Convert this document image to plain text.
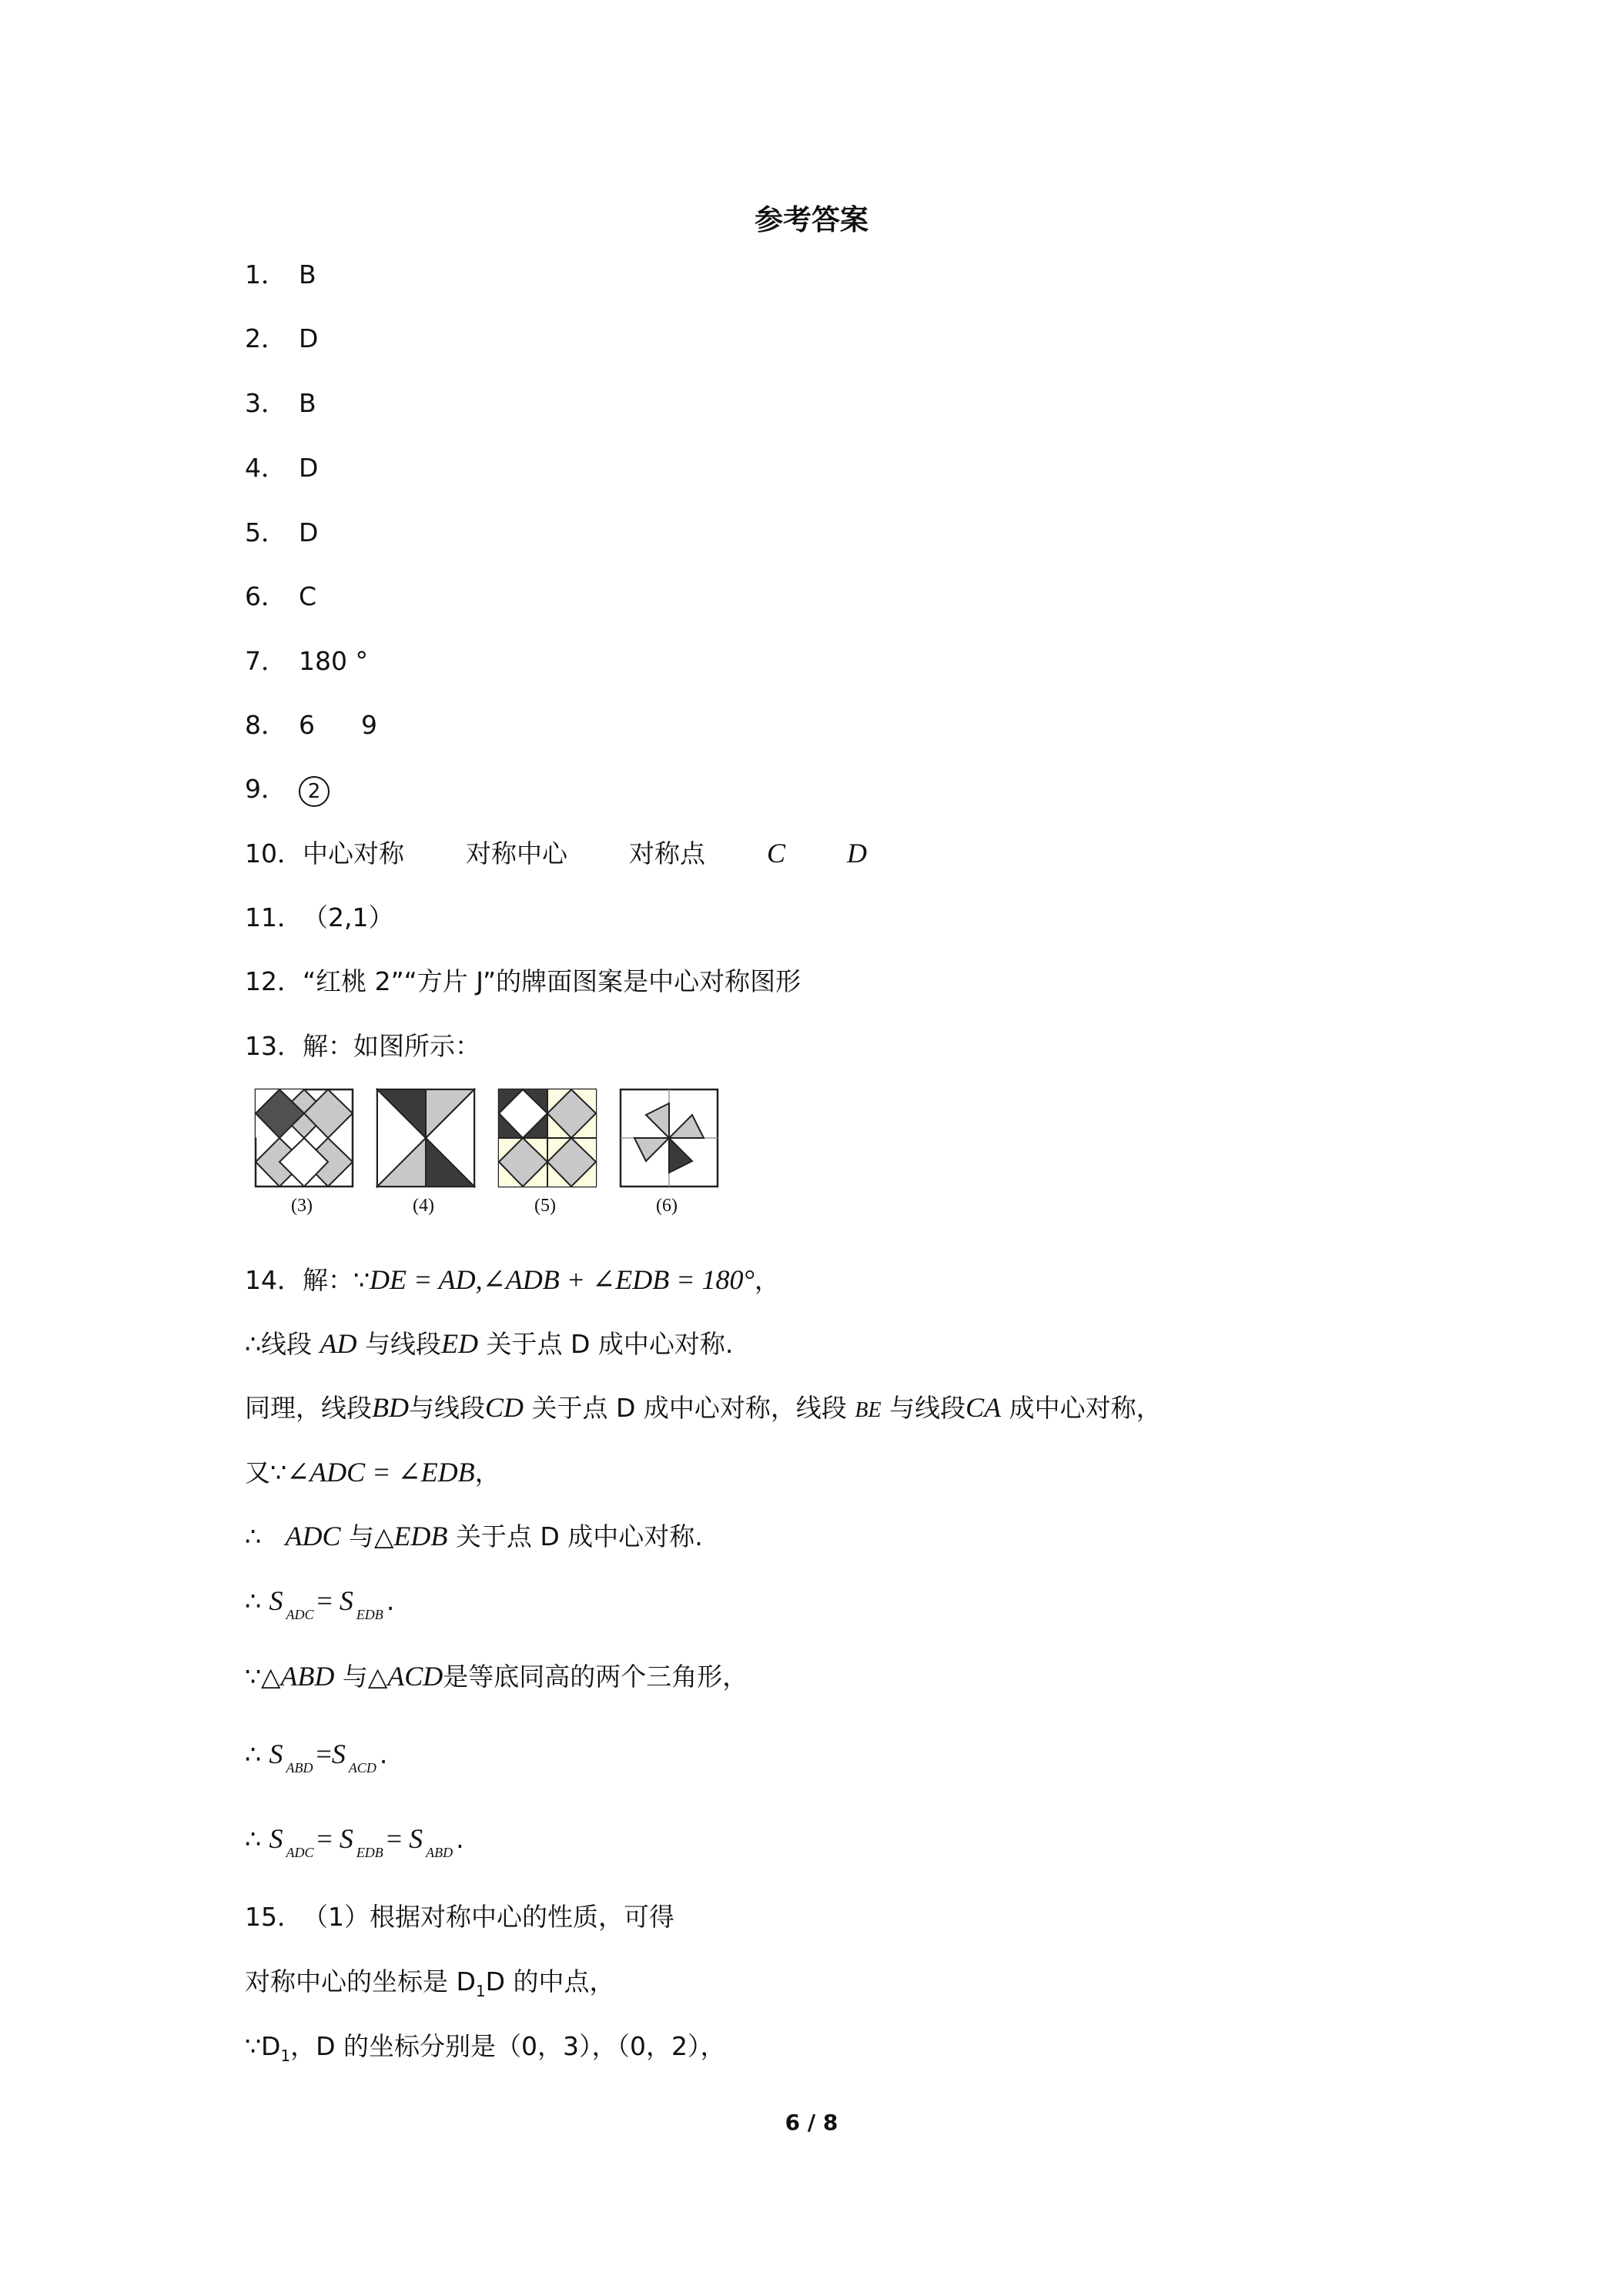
参考答案
1． B
2． D
3． B
4． D
5． D
6． C
7． 180 °
8． 6 9
9． 2
10．中心对称 对称中心 对称点 C D
11．（2,1）
12．“红桃 2”“方片 J”的牌面图案是中心对称图形
13．解：如图所示：
(3)	(4)	(5)	(6)
14．解：∵DE = AD,∠ADB + ∠EDB = 180°，
∴线段 AD 与线段ED 关于点 D 成中心对称.
同理，线段BD与线段CD 关于点 D 成中心对称，线段 BE 与线段CA 成中心对称，
又∵∠ADC = ∠EDB，
∴ ADC 与△EDB 关于点 D 成中心对称.
∴ S $_{ADC}$ = S $_{EDB}$ .
∵△ABD 与△ACD是等底同高的两个三角形，
∴ S $_{ABD}$ =S $_{ACD}$ .
∴ S $_{ADC}$ = S $_{EDB}$ = S $_{ABD}$ .
15．（1）根据对称中心的性质，可得
对称中心的坐标是 $D_1D$ 的中点，
$\because D_1$，D 的坐标分别是（0，3），（0，2），
6 / 8
